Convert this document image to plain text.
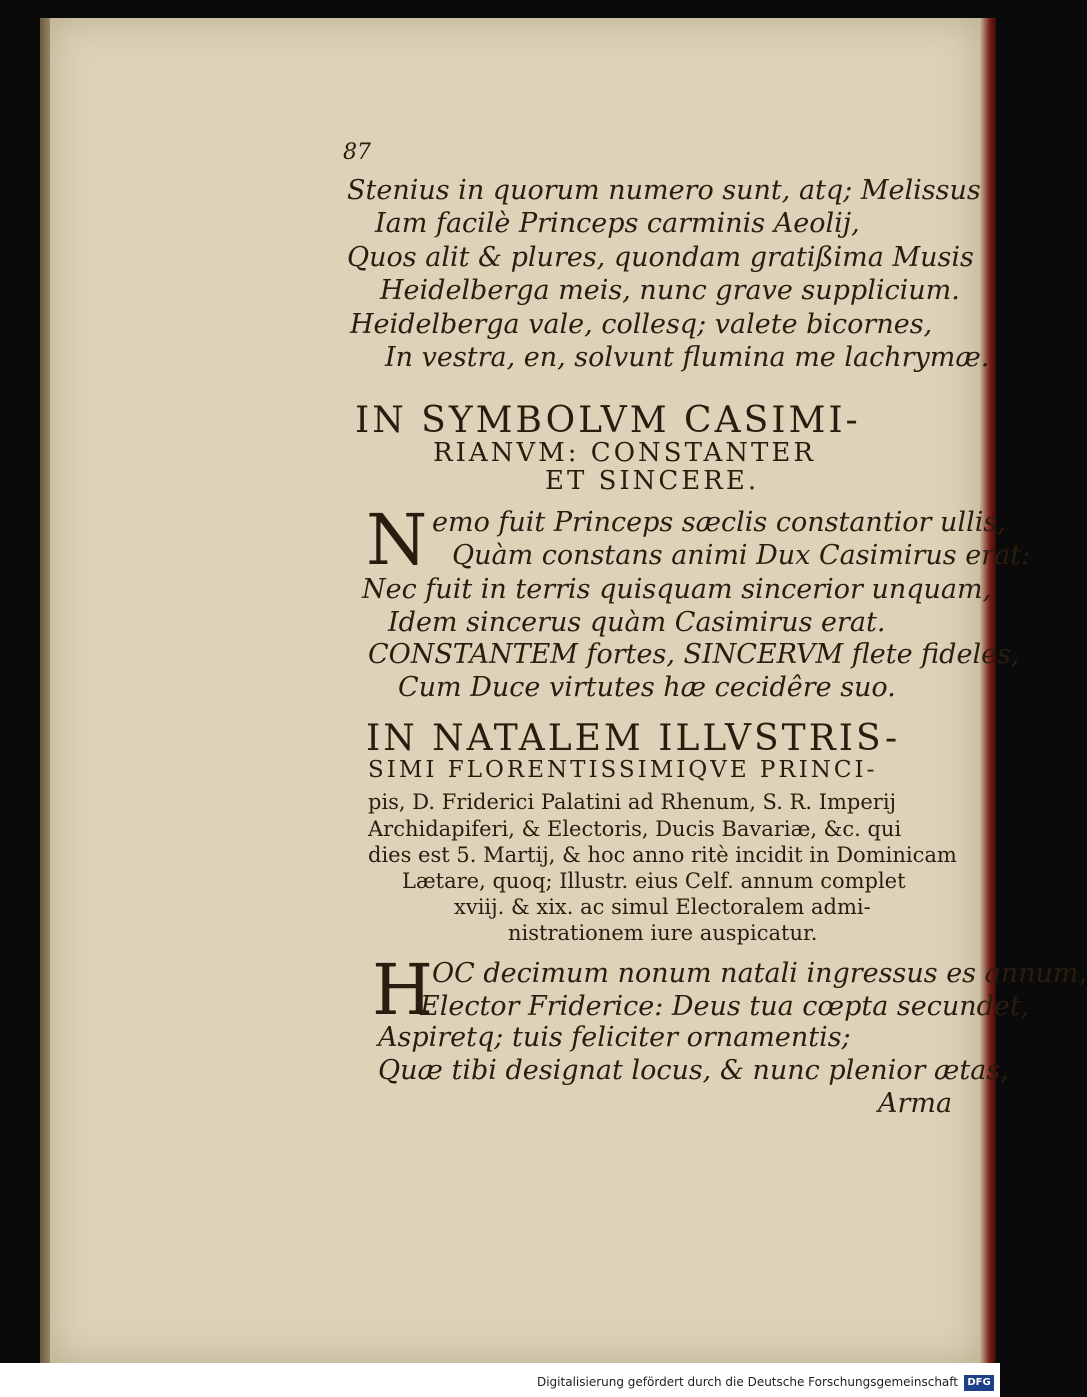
87
Stenius in quorum numero sunt, atq; Melissus
Iam facilè Princeps carminis Aeolij,
Quos alit & plures, quondam gratißima Musis
Heidelberga meis, nunc grave supplicium.
Heidelberga vale, collesq; valete bicornes,
In vestra, en, solvunt flumina me lachrymæ.
IN SYMBOLVM CASIMI-
RIANVM: CONSTANTER
ET SINCERE.
N emo fuit Princeps sæclis constantior ullis,
Quàm constans animi Dux Casimirus erat:
Nec fuit in terris quisquam sincerior unquam,
Idem sincerus quàm Casimirus erat.
CONSTANTEM fortes, SINCERVM flete fideles,
Cum Duce virtutes hæ cecidêre suo.
IN NATALEM ILLVSTRIS-
SIMI FLORENTISSIMIQVE PRINCI-
pis, D. Friderici Palatini ad Rhenum, S. R. Imperij
Archidapiferi, & Electoris, Ducis Bavariæ, &c. qui
dies est 5. Martij, & hoc anno ritè incidit in Dominicam
Lætare, quoq; Illustr. eius Celf. annum complet
xviij. & xix. ac simul Electoralem admi-
nistrationem iure auspicatur.
H
OC decimum nonum natali ingressus es annum,
Elector Friderice: Deus tua cœpta secundet,
Aspiretq; tuis feliciter ornamentis;
Quæ tibi designat locus, & nunc plenior ætas,
Arma
Digitalisierung gefördert durch die Deutsche Forschungsgemeinschaft DFG
